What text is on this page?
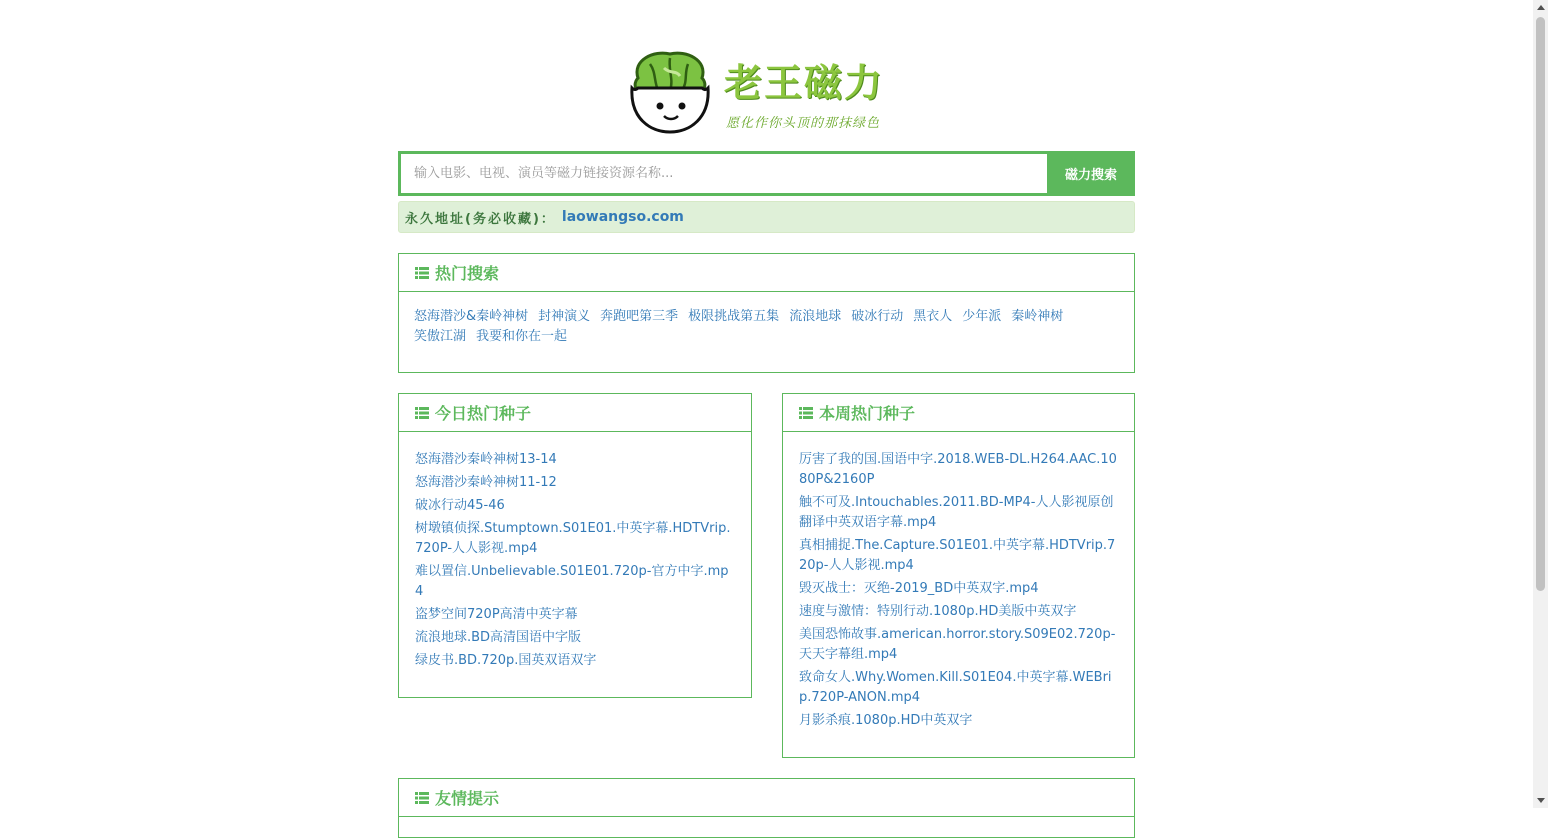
老王磁力
愿化作你头顶的那抹绿色
输入电影、电视、演员等磁力链接资源名称...
磁力搜索
永久地址(务必收藏)： laowangso.com
热门搜索
怒海潜沙&秦岭神树 封神演义 奔跑吧第三季 极限挑战第五集 流浪地球 破冰行动 黑衣人 少年派 秦岭神树
笑傲江湖 我要和你在一起
今日热门种子
怒海潜沙秦岭神树13-14
怒海潜沙秦岭神树11-12
破冰行动45-46
树墩镇侦探.Stumptown.S01E01.中英字幕.HDTVrip.720P-人人影视.mp4
难以置信.Unbelievable.S01E01.720p-官方中字.mp4
盗梦空间720P高清中英字幕
流浪地球.BD高清国语中字版
绿皮书.BD.720p.国英双语双字
本周热门种子
厉害了我的国.国语中字.2018.WEB-DL.H264.AAC.1080P&2160P
触不可及.Intouchables.2011.BD-MP4-人人影视原创翻译中英双语字幕.mp4
真相捕捉.The.Capture.S01E01.中英字幕.HDTVrip.720p-人人影视.mp4
毁灭战士：灭绝-2019_BD中英双字.mp4
速度与激情：特别行动.1080p.HD美版中英双字
美国恐怖故事.american.horror.story.S09E02.720p-天天字幕组.mp4
致命女人.Why.Women.Kill.S01E04.中英字幕.WEBrip.720P-ANON.mp4
月影杀痕.1080p.HD中英双字
友情提示
